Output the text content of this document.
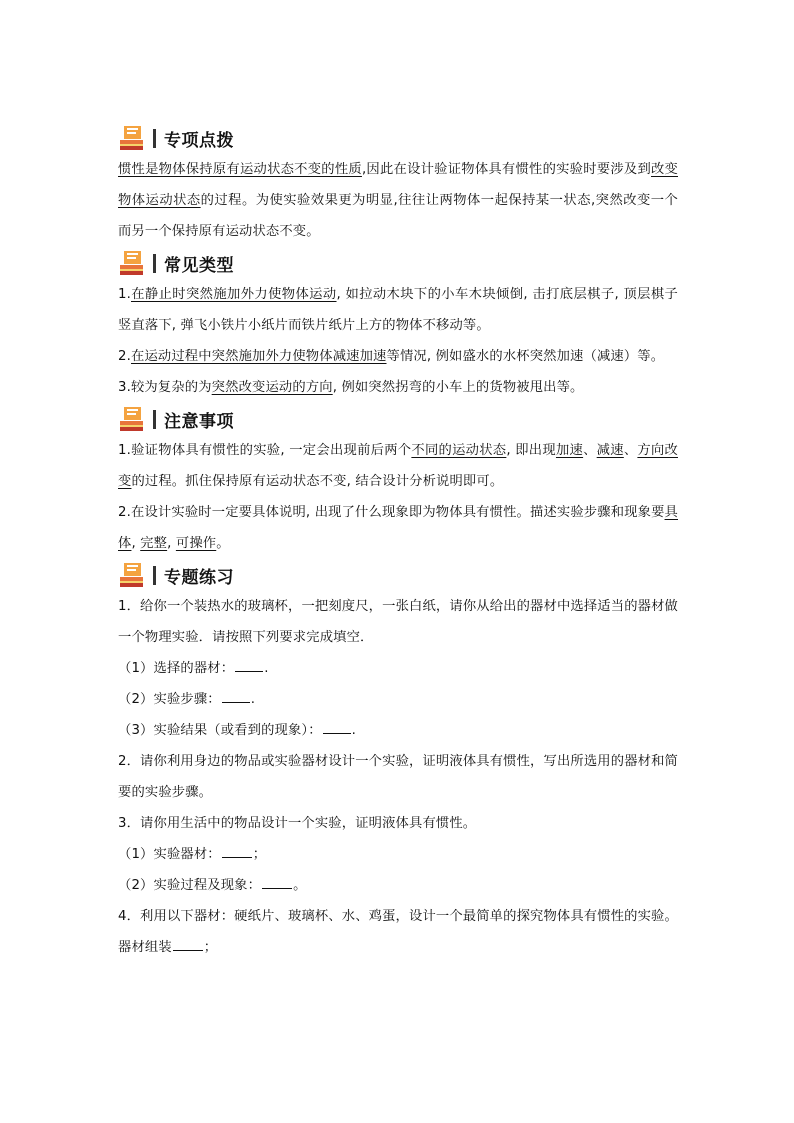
专项点拨

惯性是物体保持原有运动状态不变的性质,因此在设计验证物体具有惯性的实验时要涉及到改变物体运动状态的过程。为使实验效果更为明显,往往让两物体一起保持某一状态,突然改变一个而另一个保持原有运动状态不变。

常见类型

1.在静止时突然施加外力使物体运动, 如拉动木块下的小车木块倾倒, 击打底层棋子, 顶层棋子竖直落下, 弹飞小铁片小纸片而铁片纸片上方的物体不移动等。

2.在运动过程中突然施加外力使物体减速加速等情况, 例如盛水的水杯突然加速（减速）等。

3.较为复杂的为突然改变运动的方向, 例如突然拐弯的小车上的货物被甩出等。

注意事项

1.验证物体具有惯性的实验, 一定会出现前后两个不同的运动状态, 即出现加速、减速、方向改变的过程。抓住保持原有运动状态不变, 结合设计分析说明即可。

2.在设计实验时一定要具体说明, 出现了什么现象即为物体具有惯性。描述实验步骤和现象要具体, 完整, 可操作。

专题练习

1．给你一个装热水的玻璃杯，一把刻度尺，一张白纸，请你从给出的器材中选择适当的器材做一个物理实验．请按照下列要求完成填空．

（1）选择的器材： .

（2）实验步骤： .

（3）实验结果（或看到的现象）： .

2．请你利用身边的物品或实验器材设计一个实验，证明液体具有惯性，写出所选用的器材和简要的实验步骤。

3．请你用生活中的物品设计一个实验，证明液体具有惯性。

（1）实验器材： ；

（2）实验过程及现象： 。

4．利用以下器材：硬纸片、玻璃杯、水、鸡蛋，设计一个最简单的探究物体具有惯性的实验。

器材组装 ；
